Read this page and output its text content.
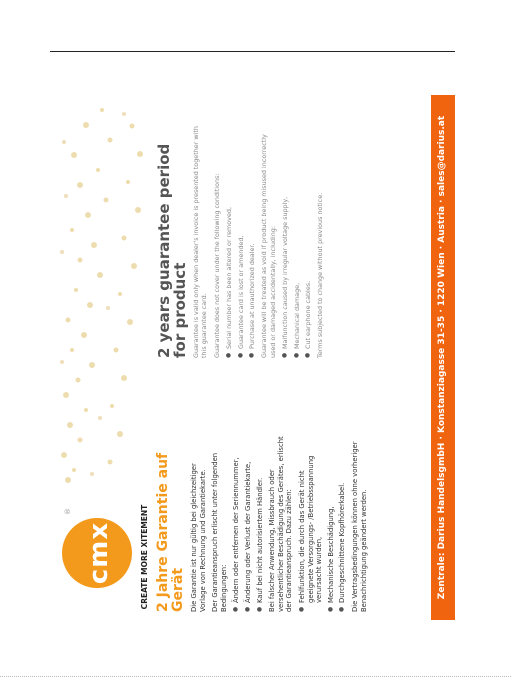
cmx
®	CREATE MORE XITEMENT 2 Jahre Garantie auf Gerät Die Garantie ist nur gültig bei gleichzeitiger Vorlage von Rechnung und Garantiekarte. Der Garantieanspruch erlischt unter folgenden Bedingungen: ● Ändern oder entfernen der Seriennummer, ● Änderung oder Verlust der Garantiekarte, ● Kauf bei nicht autorisiertem Händler. Bei falscher Anwendung, Missbrauch oder versehentlicher Beschädigung des Gerätes, erlischt der Garantieanspruch. Dazu zählen: ● Fehlfunktion, die durch das Gerät nicht geeignete Versorgungs- /Betriebsspannung verursacht wurden, ● Mechanische Beschädigung, ● Durchgeschnittene Kopfhörerkabel. Die Vertragsbedingungen können ohne vorheriger Benachrichtigung geändert werden.
2 years guarantee period for product Guarantee is valid only when dealer's invoice is presented together with this guarantee card. Guarantee does not cover under the following conditions: ● Serial number has been altered or removed, ● Guarantee card is lost or amended, ● Purchase at unauthorized dealer. Guarantee will be treated as void if product being misused incorrectly used or damaged accidentally, including: ● Malfunction caused by irregular voltage supply, ● Mechanical damage, ● Cut earphone cables. Terms subjected to change without previous notice.	Zentrale: Darius HandelsgmbH · Konstanziagasse 31-35 · 1220 Wien · Austria · sales@darius.at
